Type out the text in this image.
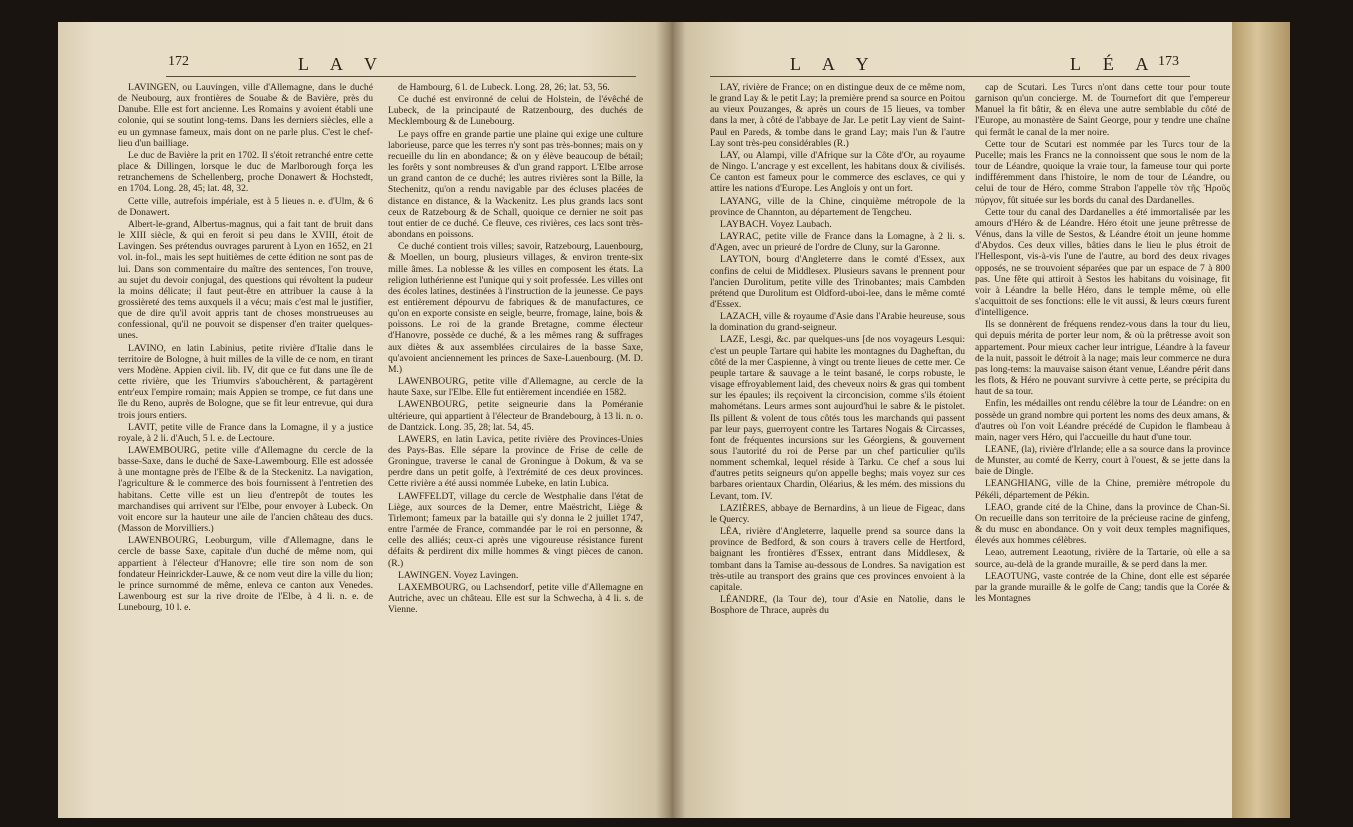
172	L A V

LAVINGEN, ou Lauvingen, ville d'Allemagne, dans le duché de Neubourg, aux frontières de Souabe & de Bavière, près du Danube. Elle est fort ancienne. Les Romains y avoient établi une colonie, qui se soutint long-tems. Dans les derniers siècles, elle a eu un gymnase fameux, mais dont on ne parle plus. C'est le chef-lieu d'un bailliage.

Le duc de Bavière la prit en 1702. Il s'étoit retranché entre cette place & Dillingen, lorsque le duc de Marlborough força les retranchemens de Schellenberg, proche Donawert & Hochstedt, en 1704. Long. 28, 45; lat. 48, 32.

Cette ville, autrefois impériale, est à 5 lieues n. e. d'Ulm, & 6 de Donawert.

Albert-le-grand, Albertus-magnus, qui a fait tant de bruit dans le XIII siècle, & qui en feroit si peu dans le XVIII, étoit de Lavingen. Ses prétendus ouvrages parurent à Lyon en 1652, en 21 vol. in-fol., mais les sept huitièmes de cette édition ne sont pas de lui. Dans son commentaire du maître des sentences, l'on trouve, au sujet du devoir conjugal, des questions qui révoltent la pudeur la moins délicate; il faut peut-être en attribuer la cause à la grossièreté des tems auxquels il a vécu; mais c'est mal le justifier, que de dire qu'il avoit appris tant de choses monstrueuses au confessional, qu'il ne pouvoit se dispenser d'en traiter quelques-unes.

LAVINO, en latin Labinius, petite rivière d'Italie dans le territoire de Bologne, à huit milles de la ville de ce nom, en tirant vers Modène. Appien civil. lib. IV, dit que ce fut dans une île de cette rivière, que les Triumvirs s'abouchèrent, & partagèrent entr'eux l'empire romain; mais Appien se trompe, ce fut dans une île du Reno, auprès de Bologne, que se fit leur entrevue, qui dura trois jours entiers.

LAVIT, petite ville de France dans la Lomagne, il y a justice royale, à 2 li. d'Auch, 5 l. e. de Lectoure.

LAWEMBOURG, petite ville d'Allemagne du cercle de la basse-Saxe, dans le duché de Saxe-Lawembourg. Elle est adossée à une montagne près de l'Elbe & de la Steckenitz. La navigation, l'agriculture & le commerce des bois fournissent à l'entretien des habitans. Cette ville est un lieu d'entrepôt de toutes les marchandises qui arrivent sur l'Elbe, pour envoyer à Lubeck. On voit encore sur la hauteur une aile de l'ancien château des ducs. (Masson de Morvilliers.)

LAWENBOURG, Leoburgum, ville d'Allemagne, dans le cercle de basse Saxe, capitale d'un duché de même nom, qui appartient à l'électeur d'Hanovre; elle tire son nom de son fondateur Heinrickder-Lauwe, & ce nom veut dire la ville du lion; le prince surnommé de même, enleva ce canton aux Venedes. Lawenbourg est sur la rive droite de l'Elbe, à 4 li. n. e. de Lunebourg, 10 l. e.

de Hambourg, 6 l. de Lubeck. Long. 28, 26; lat. 53, 56.

Ce duché est environné de celui de Holstein, de l'évêché de Lubeck, de la principauté de Ratzenbourg, des duchés de Mecklembourg & de Lunebourg.

Le pays offre en grande partie une plaine qui exige une culture laborieuse, parce que les terres n'y sont pas très-bonnes; mais on y recueille du lin en abondance; & on y élève beaucoup de bétail; les forêts y sont nombreuses & d'un grand rapport. L'Elbe arrose un grand canton de ce duché; les autres rivières sont la Bille, la Stechenitz, qu'on a rendu navigable par des écluses placées de distance en distance, & la Wackenitz. Les plus grands lacs sont ceux de Ratzebourg & de Schall, quoique ce dernier ne soit pas tout entier de ce duché. Ce fleuve, ces rivières, ces lacs sont très-abondans en poissons.

Ce duché contient trois villes; savoir, Ratzebourg, Lauenbourg, & Moellen, un bourg, plusieurs villages, & environ trente-six mille âmes. La noblesse & les villes en composent les états. La religion luthérienne est l'unique qui y soit professée. Les villes ont des écoles latines, destinées à l'instruction de la jeunesse. Ce pays est entièrement dépourvu de fabriques & de manufactures, ce qu'on en exporte consiste en seigle, beurre, fromage, laine, bois & poissons. Le roi de la grande Bretagne, comme électeur d'Hanovre, possède ce duché, & a les mêmes rang & suffrages aux diètes & aux assemblées circulaires de la basse Saxe, qu'avoient anciennement les princes de Saxe-Lauenbourg. (M. D. M.)

LAWENBOURG, petite ville d'Allemagne, au cercle de la haute Saxe, sur l'Elbe. Elle fut entièrement incendiée en 1582.

LAWENBOURG, petite seigneurie dans la Poméranie ultérieure, qui appartient à l'électeur de Brandebourg, à 13 li. n. o. de Dantzick. Long. 35, 28; lat. 54, 45.

LAWERS, en latin Lavica, petite rivière des Provinces-Unies des Pays-Bas. Elle sépare la province de Frise de celle de Groningue, traverse le canal de Groningue à Dokum, & va se perdre dans un petit golfe, à l'extrémité de ces deux provinces. Cette rivière a été aussi nommée Lubeke, en latin Lubica.

LAWFFELDT, village du cercle de Westphalie dans l'état de Liège, aux sources de la Demer, entre Maëstricht, Liège & Tirlemont; fameux par la bataille qui s'y donna le 2 juillet 1747, entre l'armée de France, commandée par le roi en personne, & celle des alliés; ceux-ci après une vigoureuse résistance furent défaits & perdirent dix mille hommes & vingt pièces de canon. (R.)

LAWINGEN. Voyez Lavingen.

LAXEMBOURG, ou Lachsendorf, petite ville d'Allemagne en Autriche, avec un château. Elle est sur la Schwecha, à 4 li. s. de Vienne.

L A Y	L É A 173

LAY, rivière de France; on en distingue deux de ce même nom, le grand Lay & le petit Lay; la première prend sa source en Poitou au vieux Pouzanges, & après un cours de 15 lieues, va tomber dans la mer, à côté de l'abbaye de Jar. Le petit Lay vient de Saint-Paul en Pareds, & tombe dans le grand Lay; mais l'un & l'autre Lay sont très-peu considérables (R.)

LAY, ou Alampi, ville d'Afrique sur la Côte d'Or, au royaume de Ningo. L'ancrage y est excellent, les habitans doux & civilisés. Ce canton est fameux pour le commerce des esclaves, ce qui y attire les nations d'Europe. Les Anglois y ont un fort.

LAYANG, ville de la Chine, cinquième métropole de la province de Channton, au département de Tengcheu.

LAYBACH. Voyez Laubach.

LAYRAC, petite ville de France dans la Lomagne, à 2 li. s. d'Agen, avec un prieuré de l'ordre de Cluny, sur la Garonne.

LAYTON, bourg d'Angleterre dans le comté d'Essex, aux confins de celui de Middlesex. Plusieurs savans le prennent pour l'ancien Durolitum, petite ville des Trinobantes; mais Cambden prétend que Durolitum est Oldford-uboi-lee, dans le même comté d'Essex.

LAZACH, ville & royaume d'Asie dans l'Arabie heureuse, sous la domination du grand-seigneur.

LAZE, Lesgi, &c. par quelques-uns [de nos voyageurs Lesqui: c'est un peuple Tartare qui habite les montagnes du Dagheftan, du côté de la mer Caspienne, à vingt ou trente lieues de cette mer. Ce peuple tartare & sauvage a le teint basané, le corps robuste, le visage effroyablement laid, des cheveux noirs & gras qui tombent sur les épaules; ils reçoivent la circoncision, comme s'ils étoient mahométans. Leurs armes sont aujourd'hui le sabre & le pistolet. Ils pillent & volent de tous côtés tous les marchands qui passent par leur pays, guerroyent contre les Tartares Nogais & Circasses, font de fréquentes incursions sur les Géorgiens, & gouvernent sous l'autorité du roi de Perse par un chef particulier qu'ils nomment schemkal, lequel réside à Tarku. Ce chef a sous lui d'autres petits seigneurs qu'on appelle beghs; mais voyez sur ces barbares orientaux Chardin, Oléarius, & les mém. des missions du Levant, tom. IV.

LAZIÈRES, abbaye de Bernardins, à un lieue de Figeac, dans le Quercy.

LÉA, rivière d'Angleterre, laquelle prend sa source dans la province de Bedford, & son cours à travers celle de Hertford, baignant les frontières d'Essex, entrant dans Middlesex, & tombant dans la Tamise au-dessous de Londres. Sa navigation est très-utile au transport des grains que ces provinces envoient à la capitale.

LÉANDRE, (la Tour de), tour d'Asie en Natolie, dans le Bosphore de Thrace, auprès du

cap de Scutari. Les Turcs n'ont dans cette tour pour toute garnison qu'un concierge. M. de Tournefort dit que l'empereur Manuel la fit bâtir, & en éleva une autre semblable du côté de l'Europe, au monastère de Saint George, pour y tendre une chaîne qui fermât le canal de la mer noire.

Cette tour de Scutari est nommée par les Turcs tour de la Pucelle; mais les Francs ne la connoissent que sous le nom de la tour de Léandre, quoique la vraie tour, la fameuse tour qui porte indifféremment dans l'histoire, le nom de tour de Léandre, ou celui de tour de Héro, comme Strabon l'appelle τὸν τῆς Ἡροῦς πύργον, fût située sur les bords du canal des Dardanelles.

Cette tour du canal des Dardanelles a été immortalisée par les amours d'Héro & de Léandre. Héro étoit une jeune prêtresse de Vénus, dans la ville de Sestos, & Léandre étoit un jeune homme d'Abydos. Ces deux villes, bâties dans le lieu le plus étroit de l'Hellespont, vis-à-vis l'une de l'autre, au bord des deux rivages opposés, ne se trouvoient séparées que par un espace de 7 à 800 pas. Une fête qui attiroit à Sestos les habitans du voisinage, fit voir à Léandre la belle Héro, dans le temple même, où elle s'acquittoit de ses fonctions: elle le vit aussi, & leurs cœurs furent d'intelligence.

Ils se donnèrent de fréquens rendez-vous dans la tour du lieu, qui depuis mérita de porter leur nom, & où la prêtresse avoit son appartement. Pour mieux cacher leur intrigue, Léandre à la faveur de la nuit, passoit le détroit à la nage; mais leur commerce ne dura pas long-tems: la mauvaise saison étant venue, Léandre périt dans les flots, & Héro ne pouvant survivre à cette perte, se précipita du haut de sa tour.

Enfin, les médailles ont rendu célèbre la tour de Léandre: on en possède un grand nombre qui portent les noms des deux amans, & d'autres où l'on voit Léandre précédé de Cupidon le flambeau à main, nager vers Héro, qui l'accueille du haut d'une tour.

LEANE, (la), rivière d'Irlande; elle a sa source dans la province de Munster, au comté de Kerry, court à l'ouest, & se jette dans la baie de Dingle.

LEANGHIANG, ville de la Chine, première métropole du Pékéli, département de Pékin.

LEAO, grande cité de la Chine, dans la province de Chan-Si. On recueille dans son territoire de la précieuse racine de ginfeng, & du musc en abondance. On y voit deux temples magnifiques, élevés aux hommes célèbres.

Leao, autrement Leaotung, rivière de la Tartarie, où elle a sa source, au-delà de la grande muraille, & se perd dans la mer.

LEAOTUNG, vaste contrée de la Chine, dont elle est séparée par la grande muraille & le golfe de Cang; tandis que la Corée & les Montagnes
